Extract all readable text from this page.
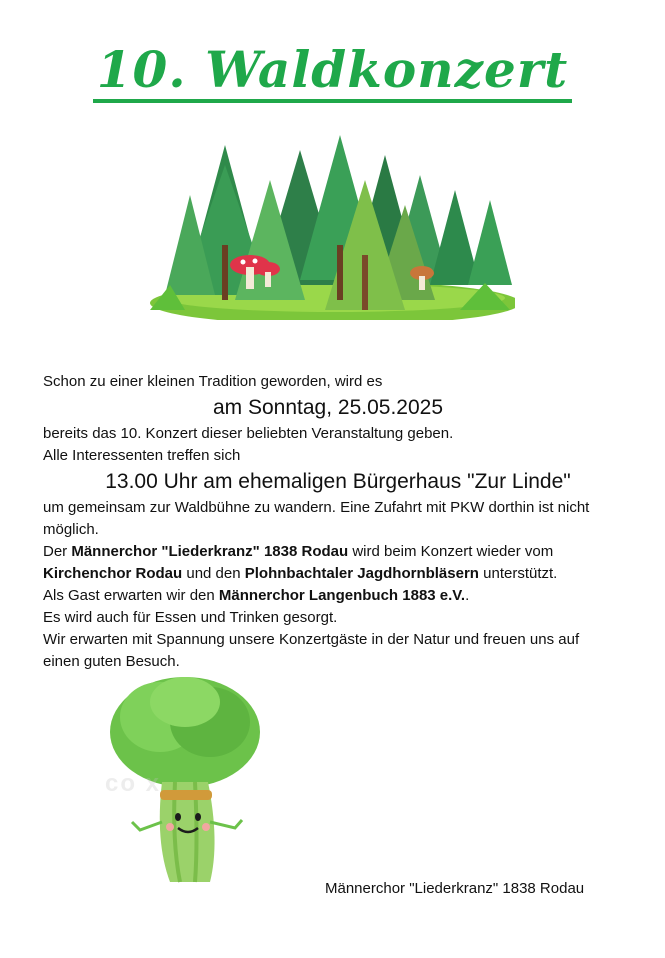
10. Waldkonzert

Schon zu einer kleinen Tradition geworden, wird es

am Sonntag, 25.05.2025

bereits das 10. Konzert dieser beliebten Veranstaltung geben.

Alle Interessenten treffen sich

13.00 Uhr am ehemaligen Bürgerhaus "Zur Linde"

um gemeinsam zur Waldbühne zu wandern. Eine Zufahrt mit PKW dorthin ist nicht möglich.

Der Männerchor "Liederkranz" 1838 Rodau wird beim Konzert wieder vom Kirchenchor Rodau und den Plohnbachtaler Jagdhornbläsern unterstützt.

Als Gast erwarten wir den Männerchor Langenbuch 1883 e.V..

Es wird auch für Essen und Trinken gesorgt.

Wir erwarten mit Spannung unsere Konzertgäste in der Natur und freuen uns auf einen guten Besuch.

co x
Männerchor "Liederkranz" 1838 Rodau
